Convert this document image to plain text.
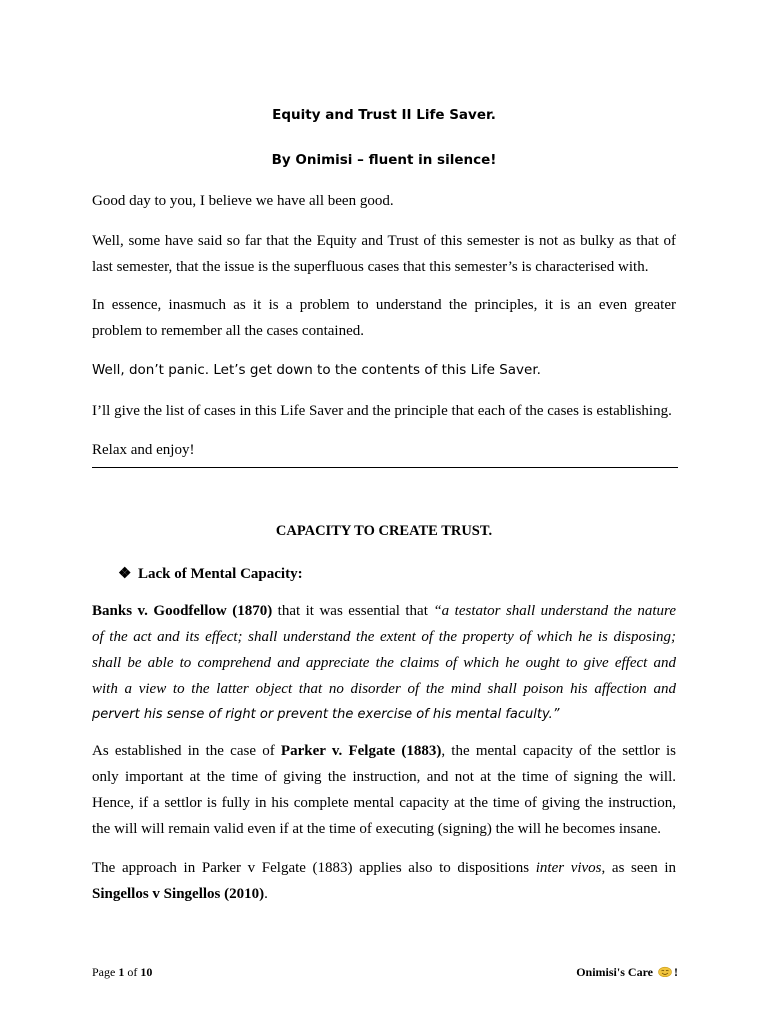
Equity and Trust II Life Saver.
By Onimisi – fluent in silence!
Good day to you, I believe we have all been good.
Well, some have said so far that the Equity and Trust of this semester is not as bulky as that of
last semester, that the issue is the superfluous cases that this semester’s is characterised with.
In essence, inasmuch as it is a problem to understand the principles, it is an even greater
problem to remember all the cases contained.
Well, don’t panic. Let’s get down to the contents of this Life Saver.
I’ll give the list of cases in this Life Saver and the principle that each of the cases is establishing.
Relax and enjoy!
CAPACITY TO CREATE TRUST.
❖ Lack of Mental Capacity:
Banks v. Goodfellow (1870) that it was essential that “a testator shall understand the nature
of the act and its effect; shall understand the extent of the property of which he is disposing;
shall be able to comprehend and appreciate the claims of which he ought to give effect and
with a view to the latter object that no disorder of the mind shall poison his affection and
pervert his sense of right or prevent the exercise of his mental faculty.”
As established in the case of Parker v. Felgate (1883), the mental capacity of the settlor is
only important at the time of giving the instruction, and not at the time of signing the will.
Hence, if a settlor is fully in his complete mental capacity at the time of giving the instruction,
the will will remain valid even if at the time of executing (signing) the will he becomes insane.
The approach in Parker v Felgate (1883) applies also to dispositions inter vivos, as seen in
Singellos v Singellos (2010).
Page 1 of 10	Onimisi's Care !
